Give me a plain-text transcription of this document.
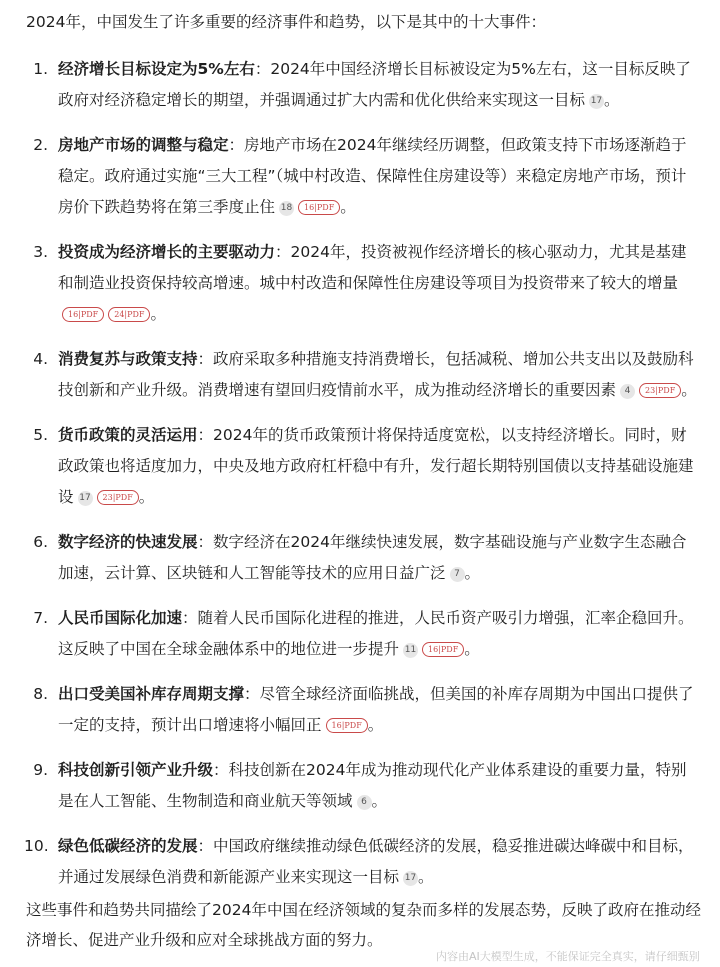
2024年，中国发生了许多重要的经济事件和趋势，以下是其中的十大事件：
1. 经济增长目标设定为5%左右：2024年中国经济增长目标被设定为5%左右，这一目标反映了政府对经济稳定增长的期望，并强调通过扩大内需和优化供给来实现这一目标 17 。
2. 房地产市场的调整与稳定：房地产市场在2024年继续经历调整，但政策支持下市场逐渐趋于稳定。政府通过实施“三大工程”（城中村改造、保障性住房建设等）来稳定房地产市场，预计房价下跌趋势将在第三季度止住 18 16|PDF 。
3. 投资成为经济增长的主要驱动力：2024年，投资被视作经济增长的核心驱动力，尤其是基建和制造业投资保持较高增速。城中村改造和保障性住房建设等项目为投资带来了较大的增量16|PDF 24|PDF 。
4. 消费复苏与政策支持：政府采取多种措施支持消费增长，包括减税、增加公共支出以及鼓励科技创新和产业升级。消费增速有望回归疫情前水平，成为推动经济增长的重要因素 4 23|PDF 。
5. 货币政策的灵活运用：2024年的货币政策预计将保持适度宽松，以支持经济增长。同时，财政政策也将适度加力，中央及地方政府杠杆稳中有升，发行超长期特别国债以支持基础设施建设 17 23|PDF 。
6. 数字经济的快速发展：数字经济在2024年继续快速发展，数字基础设施与产业数字生态融合加速，云计算、区块链和人工智能等技术的应用日益广泛 7 。
7. 人民币国际化加速：随着人民币国际化进程的推进，人民币资产吸引力增强，汇率企稳回升。这反映了中国在全球金融体系中的地位进一步提升 11 16|PDF 。
8. 出口受美国补库存周期支撑：尽管全球经济面临挑战，但美国的补库存周期为中国出口提供了一定的支持，预计出口增速将小幅回正 16|PDF 。
9. 科技创新引领产业升级：科技创新在2024年成为推动现代化产业体系建设的重要力量，特别是在人工智能、生物制造和商业航天等领域 6 。
10. 绿色低碳经济的发展：中国政府继续推动绿色低碳经济的发展，稳妥推进碳达峰碳中和目标，并通过发展绿色消费和新能源产业来实现这一目标 17 。
这些事件和趋势共同描绘了2024年中国在经济领域的复杂而多样的发展态势，反映了政府在推动经济增长、促进产业升级和应对全球挑战方面的努力。
内容由AI大模型生成，不能保证完全真实，请仔细甄别
